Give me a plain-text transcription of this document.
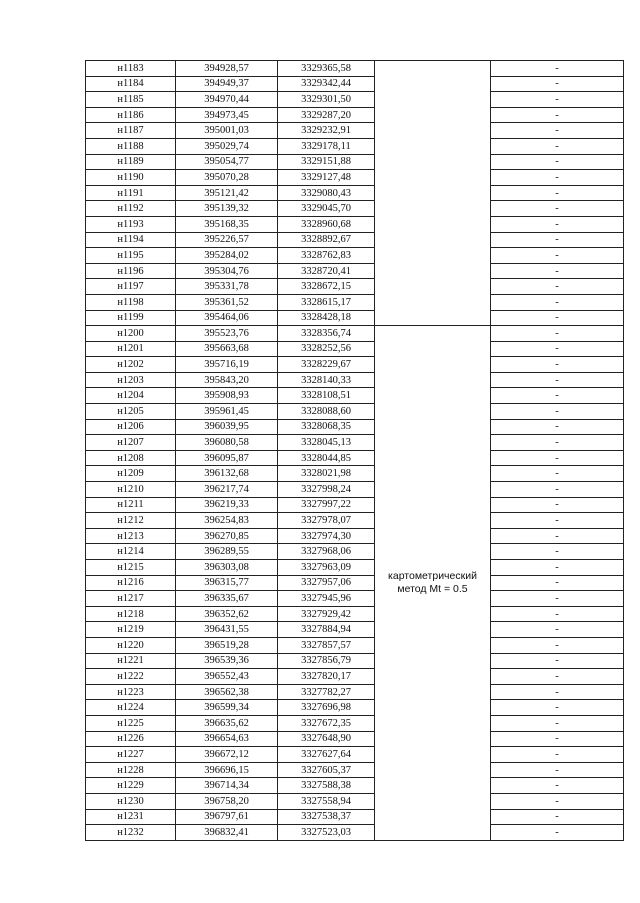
н1183	394928,57	3329365,58		-
н1184	394949,37	3329342,44		-
н1185	394970,44	3329301,50		-
н1186	394973,45	3329287,20		-
н1187	395001,03	3329232,91		-
н1188	395029,74	3329178,11		-
н1189	395054,77	3329151,88		-
н1190	395070,28	3329127,48		-
н1191	395121,42	3329080,43		-
н1192	395139,32	3329045,70		-
н1193	395168,35	3328960,68		-
н1194	395226,57	3328892,67		-
н1195	395284,02	3328762,83		-
н1196	395304,76	3328720,41		-
н1197	395331,78	3328672,15		-
н1198	395361,52	3328615,17		-
н1199	395464,06	3328428,18		-
н1200	395523,76	3328356,74	картометрический
метод Mt = 0.5	-
н1201	395663,68	3328252,56		-
н1202	395716,19	3328229,67		-
н1203	395843,20	3328140,33		-
н1204	395908,93	3328108,51		-
н1205	395961,45	3328088,60		-
н1206	396039,95	3328068,35		-
н1207	396080,58	3328045,13		-
н1208	396095,87	3328044,85		-
н1209	396132,68	3328021,98		-
н1210	396217,74	3327998,24		-
н1211	396219,33	3327997,22		-
н1212	396254,83	3327978,07		-
н1213	396270,85	3327974,30		-
н1214	396289,55	3327968,06		-
н1215	396303,08	3327963,09		-
н1216	396315,77	3327957,06		-
н1217	396335,67	3327945,96		-
н1218	396352,62	3327929,42		-
н1219	396431,55	3327884,94		-
н1220	396519,28	3327857,57		-
н1221	396539,36	3327856,79		-
н1222	396552,43	3327820,17		-
н1223	396562,38	3327782,27		-
н1224	396599,34	3327696,98		-
н1225	396635,62	3327672,35		-
н1226	396654,63	3327648,90		-
н1227	396672,12	3327627,64		-
н1228	396696,15	3327605,37		-
н1229	396714,34	3327588,38		-
н1230	396758,20	3327558,94		-
н1231	396797,61	3327538,37		-
н1232	396832,41	3327523,03		-
